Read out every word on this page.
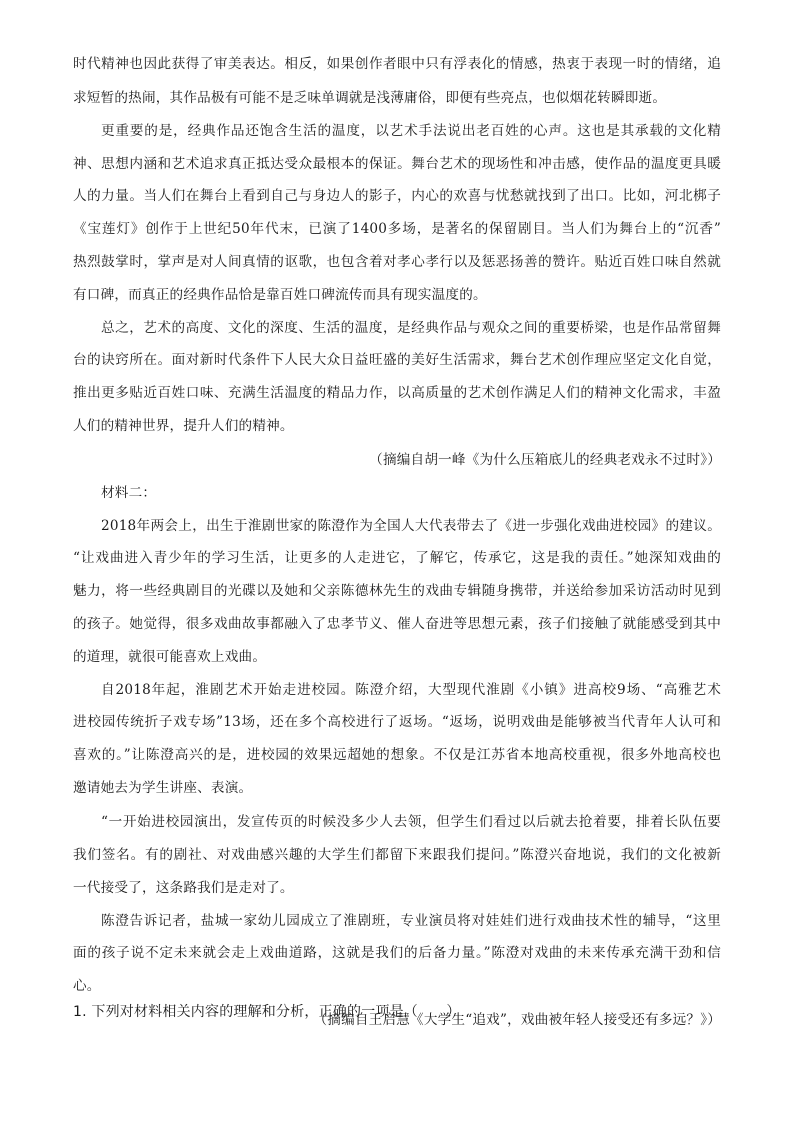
时代精神也因此获得了审美表达。相反，如果创作者眼中只有浮表化的情感，热衷于表现一时的情绪，追
求短暂的热闹，其作品极有可能不是乏味单调就是浅薄庸俗，即便有些亮点，也似烟花转瞬即逝。
更重要的是，经典作品还饱含生活的温度，以艺术手法说出老百姓的心声。这也是其承载的文化精
神、思想内涵和艺术追求真正抵达受众最根本的保证。舞台艺术的现场性和冲击感，使作品的温度更具暖
人的力量。当人们在舞台上看到自己与身边人的影子，内心的欢喜与忧愁就找到了出口。比如，河北梆子
《宝莲灯》创作于上世纪50年代末，已演了1400多场，是著名的保留剧目。当人们为舞台上的“沉香”
热烈鼓掌时，掌声是对人间真情的讴歌，也包含着对孝心孝行以及惩恶扬善的赞许。贴近百姓口味自然就
有口碑，而真正的经典作品恰是靠百姓口碑流传而具有现实温度的。
总之，艺术的高度、文化的深度、生活的温度，是经典作品与观众之间的重要桥梁，也是作品常留舞
台的诀窍所在。面对新时代条件下人民大众日益旺盛的美好生活需求，舞台艺术创作理应坚定文化自觉，
推出更多贴近百姓口味、充满生活温度的精品力作，以高质量的艺术创作满足人们的精神文化需求，丰盈
人们的精神世界，提升人们的精神。
（摘编自胡一峰《为什么压箱底儿的经典老戏永不过时》）
材料二：
2018年两会上，出生于淮剧世家的陈澄作为全国人大代表带去了《进一步强化戏曲进校园》的建议。
“让戏曲进入青少年的学习生活，让更多的人走进它，了解它，传承它，这是我的责任。”她深知戏曲的
魅力，将一些经典剧目的光碟以及她和父亲陈德林先生的戏曲专辑随身携带，并送给参加采访活动时见到
的孩子。她觉得，很多戏曲故事都融入了忠孝节义、催人奋进等思想元素，孩子们接触了就能感受到其中
的道理，就很可能喜欢上戏曲。
自2018年起，淮剧艺术开始走进校园。陈澄介绍，大型现代淮剧《小镇》进高校9场、“高雅艺术
进校园传统折子戏专场”13场，还在多个高校进行了返场。“返场，说明戏曲是能够被当代青年人认可和
喜欢的。”让陈澄高兴的是，进校园的效果远超她的想象。不仅是江苏省本地高校重视，很多外地高校也
邀请她去为学生讲座、表演。
“一开始进校园演出，发宣传页的时候没多少人去领，但学生们看过以后就去抢着要，排着长队伍要
我们签名。有的剧社、对戏曲感兴趣的大学生们都留下来跟我们提问。”陈澄兴奋地说，我们的文化被新
一代接受了，这条路我们是走对了。
陈澄告诉记者，盐城一家幼儿园成立了淮剧班，专业演员将对娃娃们进行戏曲技术性的辅导，“这里
面的孩子说不定未来就会走上戏曲道路，这就是我们的后备力量。”陈澄对戏曲的未来传承充满干劲和信
心。
（摘编自王启慧《大学生“追戏”，戏曲被年轻人接受还有多远？》）
1. 下列对材料相关内容的理解和分析，正确的一项是（　　）
